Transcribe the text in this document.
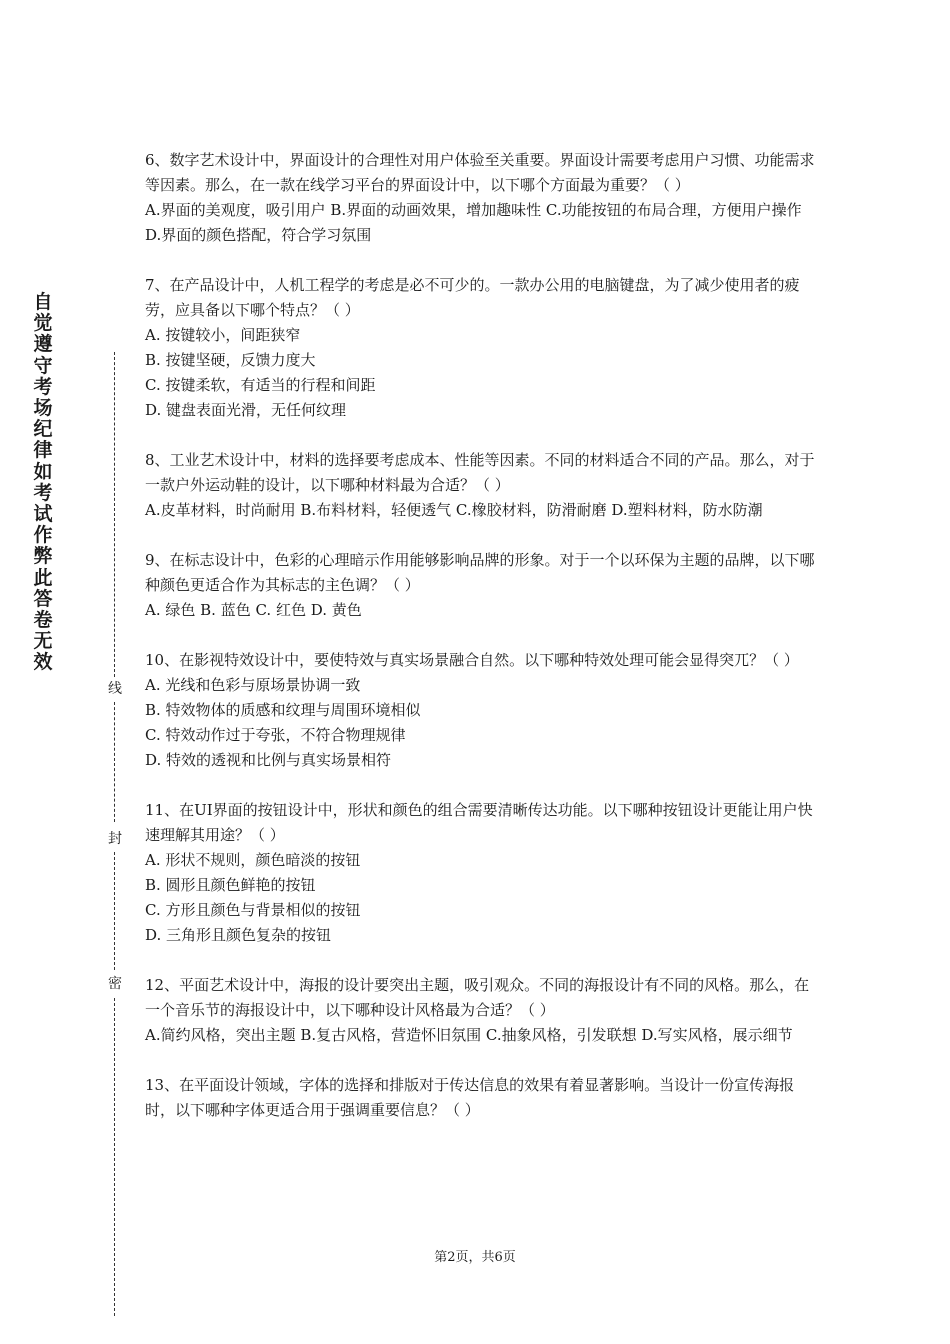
自觉遵守考场纪律如考试作弊此答卷无效
线
封
密

6、数字艺术设计中，界面设计的合理性对用户体验至关重要。界面设计需要考虑用户习惯、功能需求等因素。那么，在一款在线学习平台的界面设计中，以下哪个方面最为重要？（ ）

A.界面的美观度，吸引用户 B.界面的动画效果，增加趣味性 C.功能按钮的布局合理，方便用户操作 D.界面的颜色搭配，符合学习氛围

7、在产品设计中，人机工程学的考虑是必不可少的。一款办公用的电脑键盘，为了减少使用者的疲劳，应具备以下哪个特点？（ ）

A. 按键较小，间距狭窄

B. 按键坚硬，反馈力度大

C. 按键柔软，有适当的行程和间距

D. 键盘表面光滑，无任何纹理

8、工业艺术设计中，材料的选择要考虑成本、性能等因素。不同的材料适合不同的产品。那么，对于一款户外运动鞋的设计，以下哪种材料最为合适？（ ）

A.皮革材料，时尚耐用 B.布料材料，轻便透气 C.橡胶材料，防滑耐磨 D.塑料材料，防水防潮

9、在标志设计中，色彩的心理暗示作用能够影响品牌的形象。对于一个以环保为主题的品牌，以下哪种颜色更适合作为其标志的主色调？（ ）

A. 绿色 B. 蓝色 C. 红色 D. 黄色

10、在影视特效设计中，要使特效与真实场景融合自然。以下哪种特效处理可能会显得突兀？（ ）

A. 光线和色彩与原场景协调一致

B. 特效物体的质感和纹理与周围环境相似

C. 特效动作过于夸张，不符合物理规律

D. 特效的透视和比例与真实场景相符

11、在UI界面的按钮设计中，形状和颜色的组合需要清晰传达功能。以下哪种按钮设计更能让用户快速理解其用途？（ ）

A. 形状不规则，颜色暗淡的按钮

B. 圆形且颜色鲜艳的按钮

C. 方形且颜色与背景相似的按钮

D. 三角形且颜色复杂的按钮

12、平面艺术设计中，海报的设计要突出主题，吸引观众。不同的海报设计有不同的风格。那么，在一个音乐节的海报设计中，以下哪种设计风格最为合适？（ ）

A.简约风格，突出主题 B.复古风格，营造怀旧氛围 C.抽象风格，引发联想 D.写实风格，展示细节

13、在平面设计领域，字体的选择和排版对于传达信息的效果有着显著影响。当设计一份宣传海报时，以下哪种字体更适合用于强调重要信息？（ ）

第2页，共6页
